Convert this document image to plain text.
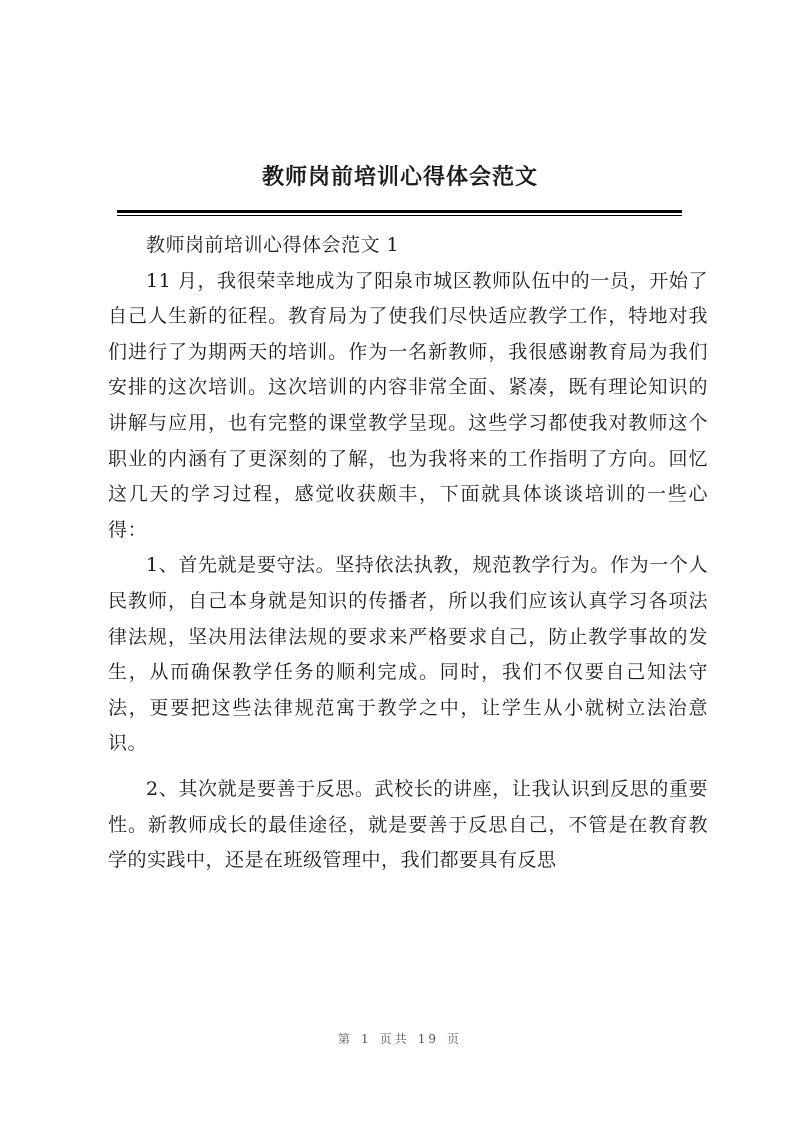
教师岗前培训心得体会范文

教师岗前培训心得体会范文 1

11 月，我很荣幸地成为了阳泉市城区教师队伍中的一员，开始了自己人生新的征程。教育局为了使我们尽快适应教学工作，特地对我们进行了为期两天的培训。作为一名新教师，我很感谢教育局为我们安排的这次培训。这次培训的内容非常全面、紧凑，既有理论知识的讲解与应用，也有完整的课堂教学呈现。这些学习都使我对教师这个职业的内涵有了更深刻的了解，也为我将来的工作指明了方向。回忆这几天的学习过程，感觉收获颇丰，下面就具体谈谈培训的一些心得：

1、首先就是要守法。坚持依法执教，规范教学行为。作为一个人民教师，自己本身就是知识的传播者，所以我们应该认真学习各项法律法规，坚决用法律法规的要求来严格要求自己，防止教学事故的发生，从而确保教学任务的顺利完成。同时，我们不仅要自己知法守法，更要把这些法律规范寓于教学之中，让学生从小就树立法治意识。

2、其次就是要善于反思。武校长的讲座，让我认识到反思的重要性。新教师成长的最佳途径，就是要善于反思自己，不管是在教育教学的实践中，还是在班级管理中，我们都要具有反思

第 1 页共 19 页
